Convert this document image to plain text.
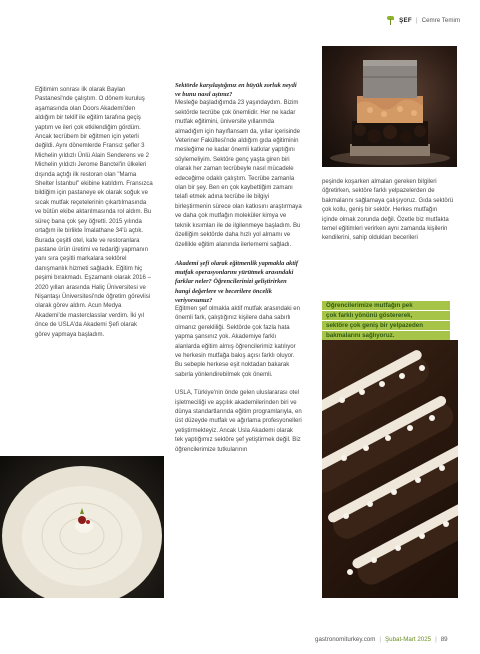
ŞEF | Cemre Temim

Eğitimim sonrası ilk olarak Baylan Pastanesi'nde çalıştım. O dönem kuruluş aşamasında olan Doors Akademi'den aldığım bir teklif ile eğitim tarafına geçiş yaptım ve ileri çok etkilendiğim gördüm. Ancak tecrübem bir eğitmen için yeterli değildi. Aynı dönemlerde Fransız şefler 3 Michelin yıldızlı Ünlü Alain Senderens ve 2 Michelin yıldızlı Jerome Banctel'in ülkeleri dışında açtığı ilk restoran olan "Mama Shelter İstanbul" ekibine katıldım. Fransızca bildiğim için pastaneye ek olarak soğuk ve sıcak mutfak reçetelerinin çıkartılmasında ve bütün ekibe aktarılmasında rol aldım. Bu süreç bana çok şey öğretti. 2015 yılında ortağım ile birlikte İmalathane 34'ü açtık. Burada çeşitli otel, kafe ve restoranlara pastane ürün üretimi ve tedariği yapmanın yanı sıra çeşitli markalara sektörel danışmanlık hizmeti sağladık. Eğitim hiç peşimi bırakmadı. Eşzamanlı olarak 2016 – 2020 yılları arasında Haliç Üniversitesi ve Nişantaşı Üniversitesi'nde öğretim görevlisi olarak görev aldım. Acun Medya Akademi'de masterclasslar verdim. İki yıl önce de USLA'da Akademi Şefi olarak görev yapmaya başladım.

Sektörde karşılaştığınız en büyük zorluk neydi ve bunu nasıl aştınız?

Mesleğe başladığımda 23 yaşındaydım. Bizim sektörde tecrübe çok önemlidir. Her ne kadar mutfak eğitimini, üniversite yıllarımda almadığım için hayıflansam da, yıllar içerisinde Veteriner Fakültesi'nde aldığım gıda eğitiminin mesleğime ne kadar önemli katkılar yaptığını söylemeliyim. Sektöre genç yaşta giren biri olarak her zaman tecrübeyle nasıl mücadele edeceğime odaklı çalıştım. Tecrübe zamanla olan bir şey. Ben en çok kaybettiğim zamanı telafi etmek adına tecrübe ile bilgiyi birleştirmenin sürece olan katkısını araştırmaya ve daha çok mutfağın moleküler kimya ve teknik kısımları ile de ilgilenmeye başladım. Bu özelliğim sektörde daha hızlı yol almamı ve özellikle eğitim alanında ilerlememi sağladı.

Akademi şefi olarak eğitmenlik yapmakla aktif mutfak operasyonlarını yürütmek arasındaki farklar neler? Öğrencilerinizi geliştirirken hangi değerlere ve becerilere öncelik veriyorsunuz?

Eğitmen şef olmakla aktif mutfak arasındaki en önemli fark, çalıştığınız kişilere daha sabırlı olmanız gerekliliği. Sektörde çok fazla hata yapma şansınız yok. Akademiye farklı alanlarda eğitim almış öğrencilerimiz katılıyor ve herkesin mutfağa bakış açısı farklı oluyor. Bu sebeple herkese eşit noktadan bakarak sabırla yönlendirebilmek çok önemli.

USLA, Türkiye'nin önde gelen uluslararası otel işletmeciliği ve aşçılık akademilerinden biri ve dünya standartlarında eğitim programlarıyla, en üst düzeyde mutfak ve ağırlama profesyonelleri yetiştirmekteyiz. Ancak Usla Akademi olarak tek yaptığımız sektöre şef yetiştirmek değil. Biz öğrencilerimize tutkularının

peşinde koşarken almaları gereken bilgileri öğretirken, sektöre farklı yelpazelerden de bakmalarını sağlamaya çalışıyoruz. Gıda sektörü çok kollu, geniş bir sektör. Herkes mutfağın içinde olmak zorunda değil. Özetle biz mutfakta temel eğitimleri verirken aynı zamanda kişilerin kendilerini, sahip oldukları becerileri

Öğrencilerimize mutfağın pek
çok farklı yönünü göstererek,
sektöre çok geniş bir yelpazeden
bakmalarını sağlıyoruz.
gastronomiturkey.com | Şubat-Mart 2025 | 89
